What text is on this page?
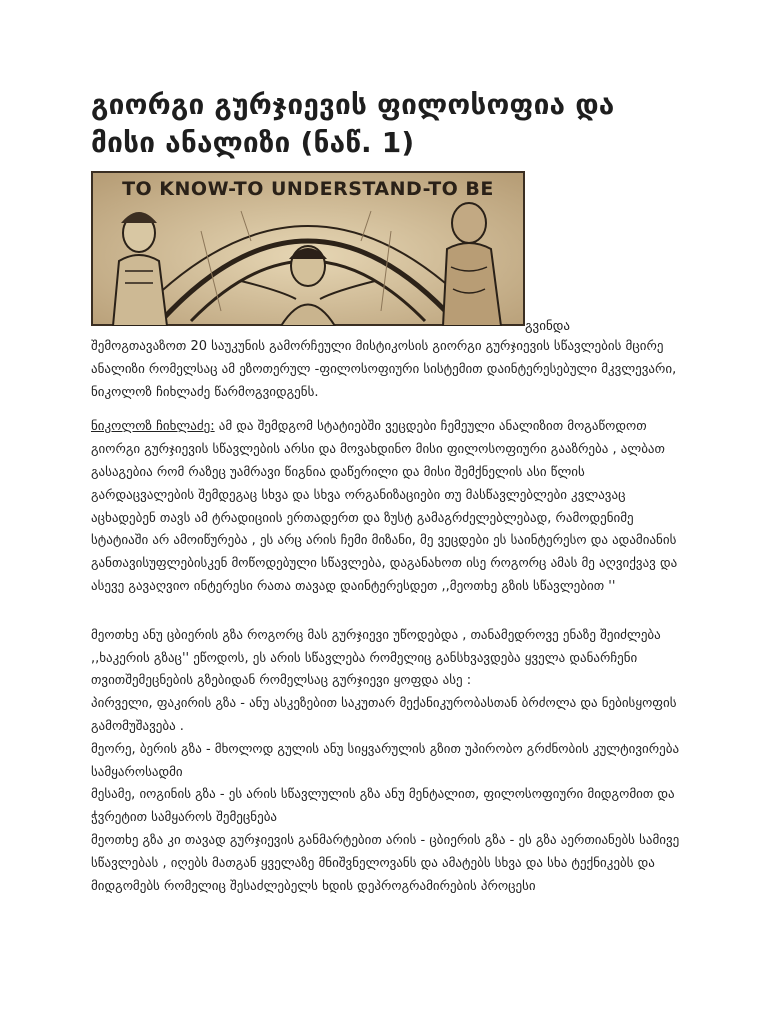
გიორგი გურჯიევის ფილოსოფია და მისი ანალიზი (ნაწ. 1)
TO KNOW-TO UNDERSTAND-TO BE
გვინდა

შემოგთავაზოთ 20 საუკუნის გამორჩეული მისტიკოსის გიორგი გურჯიევის სწავლების მცირე ანალიზი რომელსაც ამ ეზოთერულ -ფილოსოფიური სისტემით დაინტერესებული მკვლევარი, ნიკოლოზ ჩიხლაძე წარმოგვიდგენს.

ნიკოლოზ ჩიხლაძე: ამ და შემდგომ სტატიებში ვეცდები ჩემეული ანალიზით მოგაწოდოთ გიორგი გურჯიევის სწავლების არსი და მოვახდინო მისი ფილოსოფიური გააზრება , ალბათ გასაგებია რომ რაზეც უამრავი წიგნია დაწერილი და მისი შემქნელის ასი წლის გარდაცვალების შემდეგაც სხვა და სხვა ორგანიზაციები თუ მასწავლებლები კვლავაც აცხადებენ თავს ამ ტრადიციის ერთადერთ და ზუსტ გამაგრძელებლებად, რამოდენიმე სტატიაში არ ამოიწურება , ეს არც არის ჩემი მიზანი, მე ვეცდები ეს საინტერესო და ადამიანის განთავისუფლებისკენ მოწოდებული სწავლება, დაგანახოთ ისე როგორც ამას მე აღვიქვავ და ასევე გავაღვიო ინტერესი რათა თავად დაინტერესდეთ ,,მეოთხე გზის სწავლებით ''

მეოთხე ანუ ცბიერის გზა როგორც მას გურჯიევი უწოდებდა , თანამედროვე ენაზე შეიძლება ,,ხაკერის გზაც'' ეწოდოს, ეს არის სწავლება რომელიც განსხვავდება ყველა დანარჩენი თვითშემეცნების გზებიდან რომელსაც გურჯიევი ყოფდა ასე :

პირველი, ფაკირის გზა - ანუ ასკეზებით საკუთარ მექანიკურობასთან ბრძოლა და ნებისყოფის გამომუშავება .

მეორე, ბერის გზა - მხოლოდ გულის ანუ სიყვარულის გზით უპირობო გრძნობის კულტივირება სამყაროსადმი

მესამე, იოგინის გზა - ეს არის სწავლულის გზა ანუ მენტალით, ფილოსოფიური მიდგომით და ჭვრეტით სამყაროს შემეცნება

მეოთხე გზა კი თავად გურჯიევის განმარტებით არის - ცბიერის გზა - ეს გზა აერთიანებს სამივე სწავლებას , იღებს მათგან ყველაზე მნიშვნელოვანს და ამატებს სხვა და სხა ტექნიკებს და მიდგომებს რომელიც შესაძლებელს ხდის დეპროგრამირების პროცესი
